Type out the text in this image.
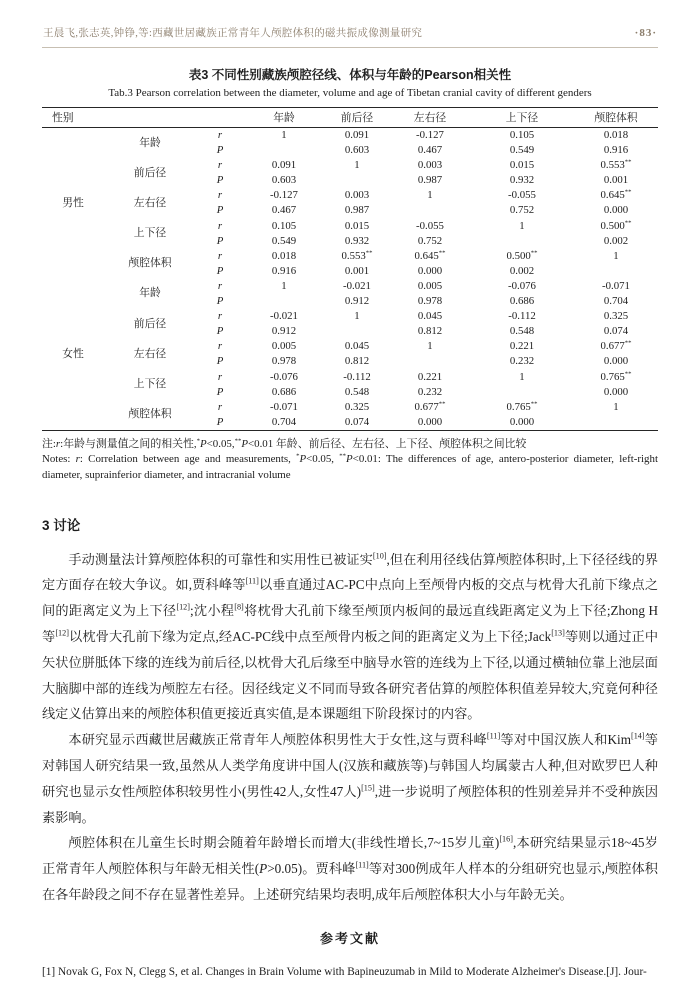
王晨飞,张志英,钟铮,等:西藏世居藏族正常青年人颅腔体积的磁共振成像测量研究	·83·
表3 不同性别藏族颅腔径线、体积与年龄的Pearson相关性
Tab.3 Pearson correlation between the diameter, volume and age of Tibetan cranial cavity of different genders
性别			年龄	前后径	左右径	上下径	颅腔体积
男性	年龄	r	1	0.091	-0.127	0.105	0.018
		P		0.603	0.467	0.549	0.916
	前后径	r	0.091	1	0.003	0.015	0.553**
		P	0.603		0.987	0.932	0.001
	左右径	r	-0.127	0.003	1	-0.055	0.645**
		P	0.467	0.987		0.752	0.000
	上下径	r	0.105	0.015	-0.055	1	0.500**
		P	0.549	0.932	0.752		0.002
	颅腔体积	r	0.018	0.553**	0.645**	0.500**	1
		P	0.916	0.001	0.000	0.002	
女性	年龄	r	1	-0.021	0.005	-0.076	-0.071
		P		0.912	0.978	0.686	0.704
	前后径	r	-0.021	1	0.045	-0.112	0.325
		P	0.912		0.812	0.548	0.074
	左右径	r	0.005	0.045	1	0.221	0.677**
		P	0.978	0.812		0.232	0.000
	上下径	r	-0.076	-0.112	0.221	1	0.765**
		P	0.686	0.548	0.232		0.000
	颅腔体积	r	-0.071	0.325	0.677**	0.765**	1
		P	0.704	0.074	0.000	0.000	

注:r:年龄与测量值之间的相关性,*P<0.05,**P<0.01 年龄、前后径、左右径、上下径、颅腔体积之间比较

Notes: r: Correlation between age and measurements, *P<0.05, **P<0.01: The differences of age, antero-posterior diameter, left-right diameter, suprainferior diameter, and intracranial volume

3 讨论

手动测量法计算颅腔体积的可靠性和实用性已被证实[10],但在利用径线估算颅腔体积时,上下径径线的界定方面存在较大争议。如,贾科峰等[11]以垂直通过AC-PC中点向上至颅骨内板的交点与枕骨大孔前下缘点之间的距离定义为上下径[12];沈小程[8]将枕骨大孔前下缘至颅顶内板间的最远直线距离定义为上下径;Zhong H等[12]以枕骨大孔前下缘为定点,经AC-PC线中点至颅骨内板之间的距离定义为上下径;Jack[13]等则以通过正中矢状位胼胝体下缘的连线为前后径,以枕骨大孔后缘至中脑导水管的连线为上下径,以通过横轴位靠上池层面大脑脚中部的连线为颅腔左右径。因径线定义不同而导致各研究者估算的颅腔体积值差异较大,究竟何种径线定义估算出来的颅腔体积值更接近真实值,是本课题组下阶段探讨的内容。

本研究显示西藏世居藏族正常青年人颅腔体积男性大于女性,这与贾科峰[11]等对中国汉族人和Kim[14]等对韩国人研究结果一致,虽然从人类学角度讲中国人(汉族和藏族等)与韩国人均属蒙古人种,但对欧罗巴人种研究也显示女性颅腔体积较男性小(男性42人,女性47人)[15],进一步说明了颅腔体积的性别差异并不受种族因素影响。

颅腔体积在儿童生长时期会随着年龄增长而增大(非线性增长,7~15岁儿童)[16],本研究结果显示18~45岁正常青年人颅腔体积与年龄无相关性(P>0.05)。贾科峰[11]等对300例成年人样本的分组研究也显示,颅腔体积在各年龄段之间不存在显著性差异。上述研究结果均表明,成年后颅腔体积大小与年龄无关。

参考文献

[1] Novak G, Fox N, Clegg S, et al. Changes in Brain Volume with Bapineuzumab in Mild to Moderate Alzheimer's Disease.[J]. Jour-
